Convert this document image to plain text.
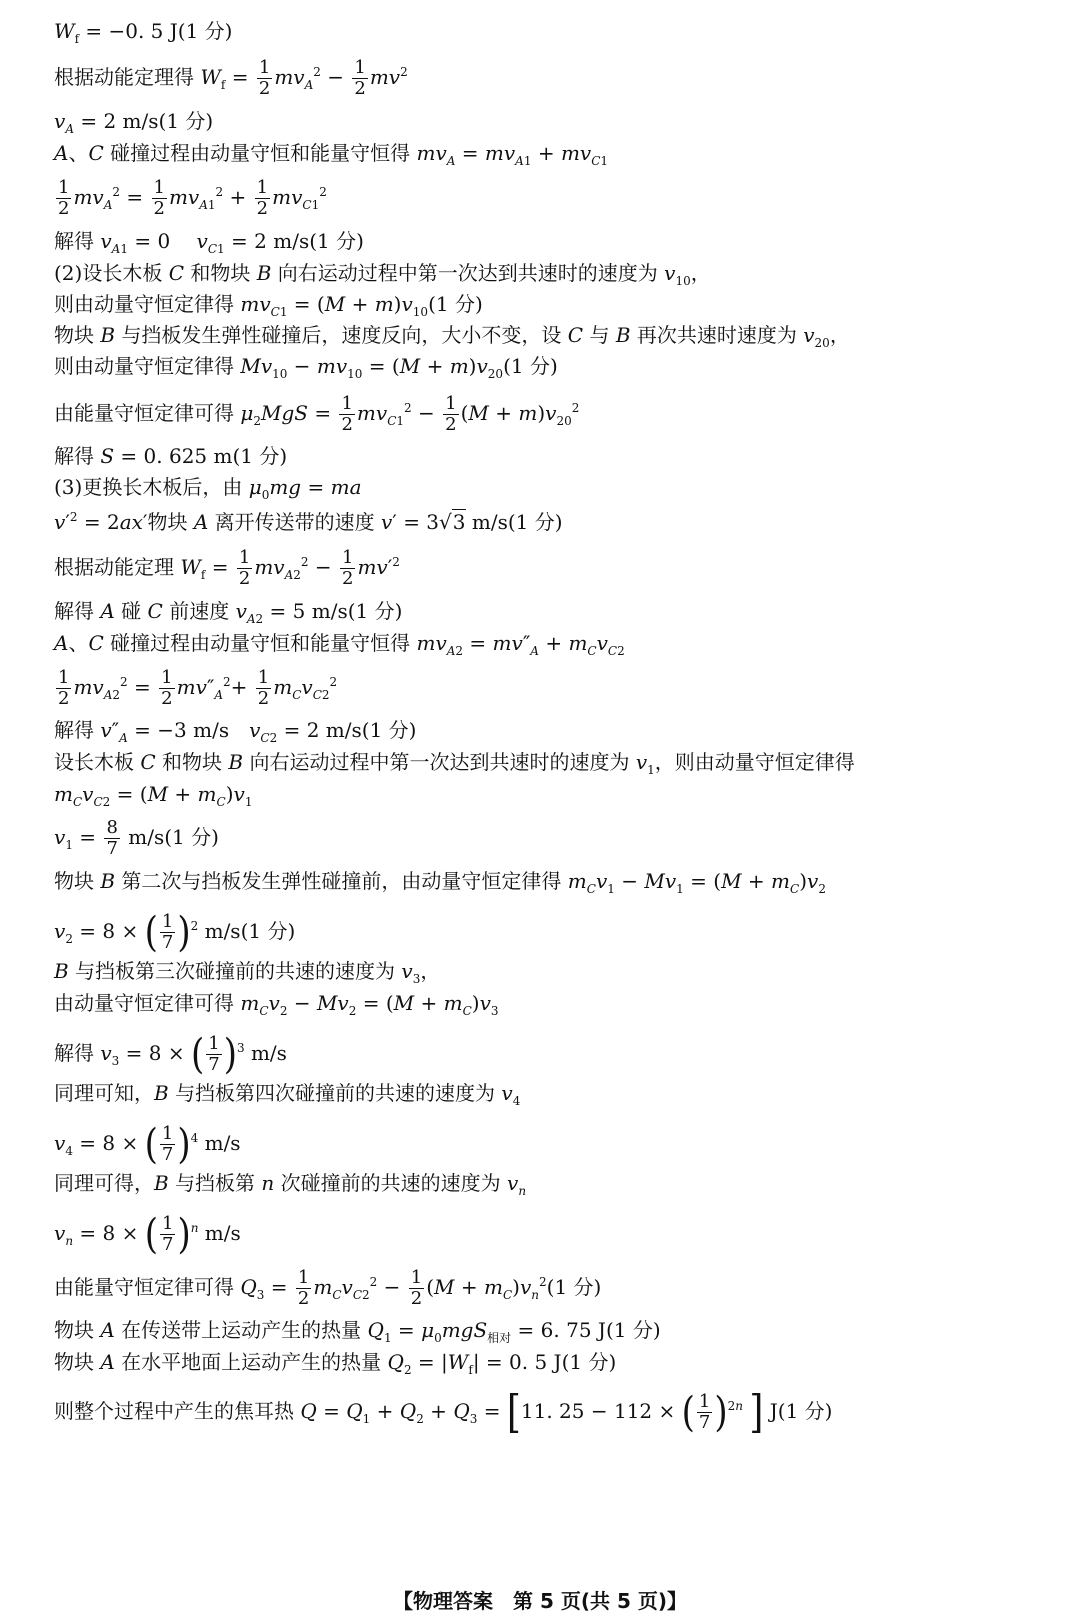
$W_f = -0$. 5 J(1 分)
根据动能定理得 $W_f = \frac{1}{2} mv_A^2 - \frac{1}{2} mv^2$
$v_A = 2$ m/s(1 分)
A、C 碰撞过程由动量守恒和能量守恒得 $mv_A = mv_{A1} + mv_{C1}$
$\frac{1}{2} mv_A^2 = \frac{1}{2} mv_{A1}^2 + \frac{1}{2} mv_{C1}^2$
解得 $v_{A1} = 0$　 $v_{C1} = 2$ m/s(1 分)
(2)设长木板 C 和物块 B 向右运动过程中第一次达到共速时的速度为 $v_{10}$，
则由动量守恒定律得 $mv_{C1} = (M + m)v_{10}(1$ 分)
物块 B 与挡板发生弹性碰撞后，速度反向，大小不变，设 C 与 B 再次共速时速度为 $v_{20}$，
则由动量守恒定律得 $Mv_{10} - mv_{10} = (M + m)v_{20}(1$ 分)
由能量守恒定律可得 $\mu_2MgS = \frac{1}{2} mv_{C1}^2 - \frac{1}{2} (M + m)v_{20}^2$
解得 S = 0. 625 m(1 分)
(3)更换长木板后，由 $\mu_0mg$ = ma
$v'^2 = 2ax'$物块 A 离开传送带的速度 v′ = 3√3 m/s(1 分)
根据动能定理 $W_f = \frac{1}{2} mv_{A2}^2 - \frac{1}{2} mv'^2$
解得 A 碰 C 前速度 $v_{A2} = 5$ m/s(1 分)
A、C 碰撞过程由动量守恒和能量守恒得 $mv_{A2} = mv''_A + m_Cv_{C2}$
$\frac{1}{2} mv_{A2}^2 = \frac{1}{2} mv''_A^2+ \frac{1}{2} m_Cv_{C2}^2$
解得 $v''_A = -3$ m/s　$v_{C2} = 2$ m/s(1 分)
设长木板 C 和物块 B 向右运动过程中第一次达到共速时的速度为 $v_1$，则由动量守恒定律得
$m_Cv_{C2} = (M + m_C)v_1$
$v_1 = \frac{8}{7} m/s(1$ 分)
物块 B 第二次与挡板发生弹性碰撞前，由动量守恒定律得 $m_Cv_1 - Mv_1 = (M + m_C)v_2$
$v_2 = 8$ × ( $\frac{1}{7} )^2$ m/s(1 分)
B 与挡板第三次碰撞前的共速的速度为 $v_3$，
由动量守恒定律可得 $m_Cv_2 - Mv_2 = (M + m_C)v_3$
解得 $v_3 = 8$ × ( $\frac{1}{7} )^3$ m/s
同理可知，B 与挡板第四次碰撞前的共速的速度为 $v_4$
$v_4 = 8$ × ( $\frac{1}{7} )^4$ m/s
同理可得，B 与挡板第 n 次碰撞前的共速的速度为 $v_n$
$v_n = 8$ × ( $\frac{1}{7} )^n$ m/s
由能量守恒定律可得 $Q_3 = \frac{1}{2} m_Cv_{C2}^2 - \frac{1}{2} (M + m_C)v_n^2(1$ 分)
物块 A 在传送带上运动产生的热量 $Q_1 = \mu_0mgS_{相对} = 6$. 75 J(1 分)
物块 A 在水平地面上运动产生的热量 $Q_2 = |W_f| = 0$. 5 J(1 分)
则整个过程中产生的焦耳热 $Q = Q_1 + Q_2 + Q_3 = [11$. 25 − 112 × ( $\frac{1}{7} )^{2n}$ ] J(1 分)
【物理答案　第 5 页(共 5 页)】
